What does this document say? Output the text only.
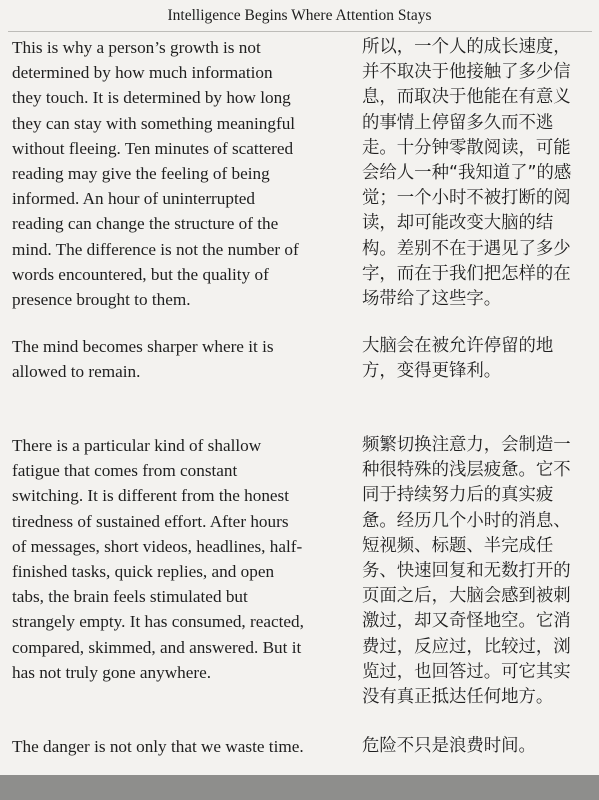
Intelligence Begins Where Attention Stays
This is why a person’s growth is not
determined by how much information
they touch. It is determined by how long
they can stay with something meaningful
without fleeing. Ten minutes of scattered
reading may give the feeling of being
informed. An hour of uninterrupted
reading can change the structure of the
mind. The difference is not the number of
words encountered, but the quality of
presence brought to them.
所以，一个人的成长速度，
并不取决于他接触了多少信
息，而取决于他能在有意义
的事情上停留多久而不逃
走。十分钟零散阅读，可能
会给人一种“我知道了”的感
觉；一个小时不被打断的阅
读，却可能改变大脑的结
构。差别不在于遇见了多少
字，而在于我们把怎样的在
场带给了这些字。
The mind becomes sharper where it is
allowed to remain.
大脑会在被允许停留的地
方，变得更锋利。
There is a particular kind of shallow
fatigue that comes from constant
switching. It is different from the honest
tiredness of sustained effort. After hours
of messages, short videos, headlines, half-
finished tasks, quick replies, and open
tabs, the brain feels stimulated but
strangely empty. It has consumed, reacted,
compared, skimmed, and answered. But it
has not truly gone anywhere.
频繁切换注意力，会制造一
种很特殊的浅层疲惫。它不
同于持续努力后的真实疲
惫。经历几个小时的消息、
短视频、标题、半完成任
务、快速回复和无数打开的
页面之后，大脑会感到被刺
激过，却又奇怪地空。它消
费过，反应过，比较过，浏
览过，也回答过。可它其实
没有真正抵达任何地方。
The danger is not only that we waste time.	危险不只是浪费时间。
